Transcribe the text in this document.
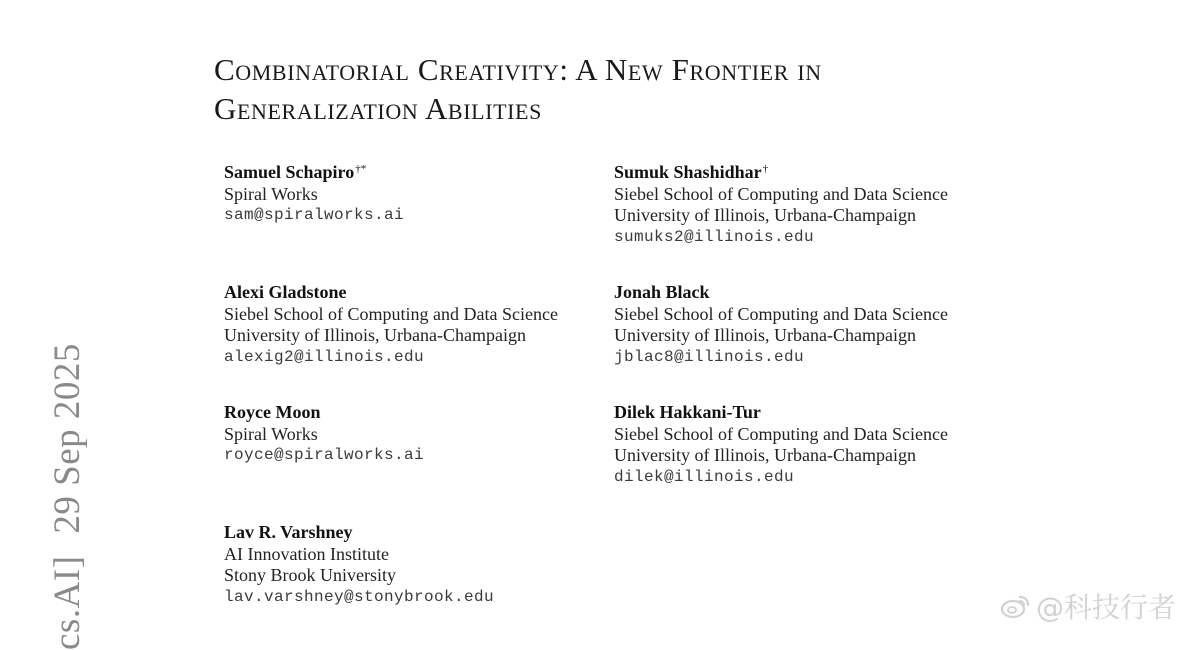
Combinatorial Creativity: A New Frontier in
Generalization Abilities
Samuel Schapiro†*
Spiral Works
sam@spiralworks.ai
Alexi Gladstone
Siebel School of Computing and Data Science
University of Illinois, Urbana-Champaign
alexig2@illinois.edu
Royce Moon
Spiral Works
royce@spiralworks.ai
Lav R. Varshney
AI Innovation Institute
Stony Brook University
lav.varshney@stonybrook.edu
Sumuk Shashidhar†
Siebel School of Computing and Data Science
University of Illinois, Urbana-Champaign
sumuks2@illinois.edu
Jonah Black
Siebel School of Computing and Data Science
University of Illinois, Urbana-Champaign
jblac8@illinois.edu
Dilek Hakkani-Tur
Siebel School of Computing and Data Science
University of Illinois, Urbana-Champaign
dilek@illinois.edu
cs.AI]29 Sep 2025
@科技行者
